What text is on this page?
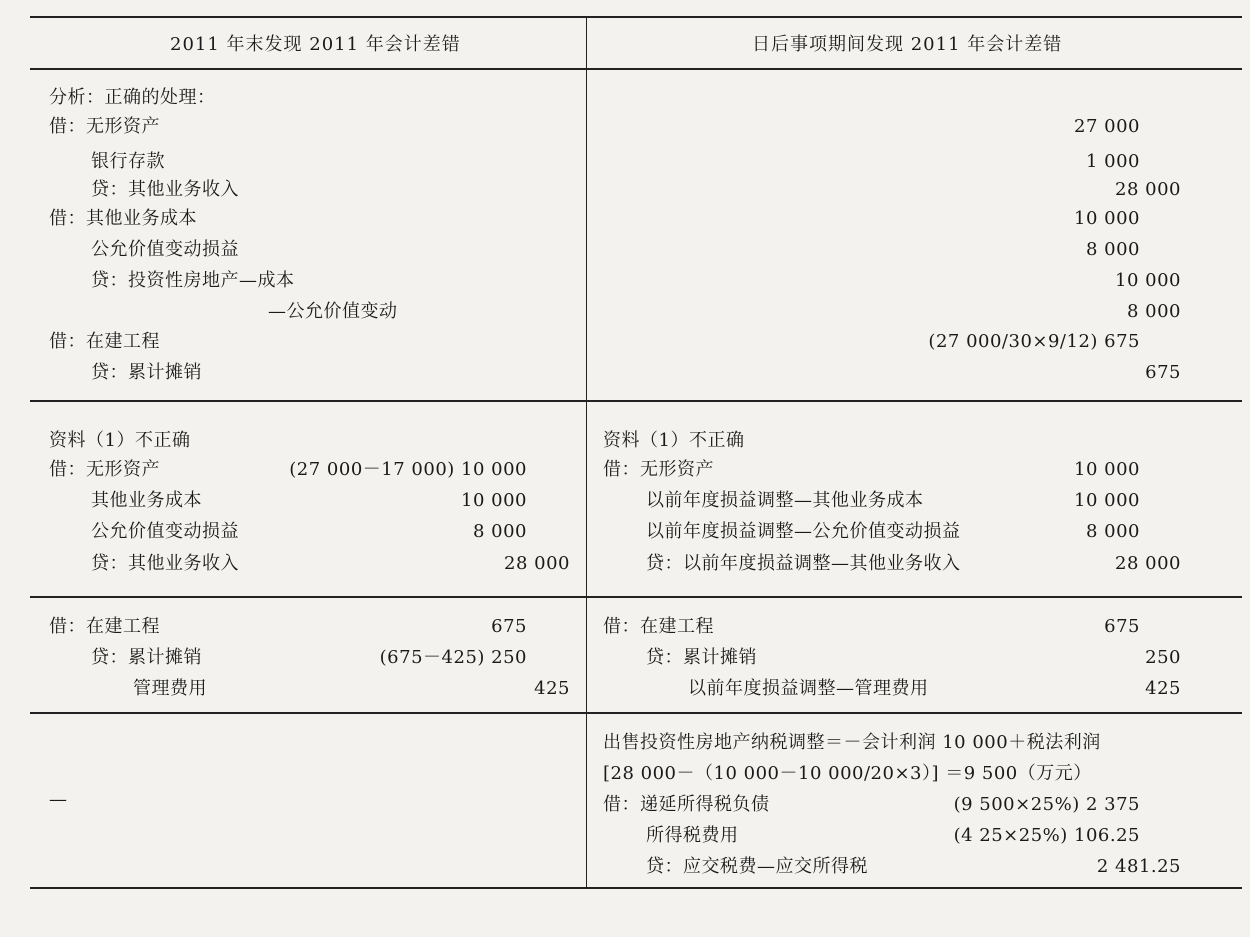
2011 年末发现 2011 年会计差错	日后事项期间发现 2011 年会计差错
分析：正确的处理：
借：无形资产
银行存款
贷：其他业务收入
借：其他业务成本
公允价值变动损益
贷：投资性房地产—成本
—公允价值变动
借：在建工程
贷：累计摊销
27 000
1 000
28 000
10 000
8 000
10 000
8 000
(27 000/30×9/12) 675
675
资料（1）不正确
借：无形资产
其他业务成本
公允价值变动损益
贷：其他业务收入
(27 000－17 000) 10 000
10 000
8 000
28 000
资料（1）不正确
借：无形资产
以前年度损益调整—其他业务成本
以前年度损益调整—公允价值变动损益
贷：以前年度损益调整—其他业务收入
10 000
10 000
8 000
28 000
借：在建工程
贷：累计摊销
管理费用
675
(675－425) 250
425
借：在建工程
贷：累计摊销
以前年度损益调整—管理费用
675
250
425
—
出售投资性房地产纳税调整＝－会计利润 10 000＋税法利润
[28 000－（10 000－10 000/20×3）] ＝9 500（万元）
借：递延所得税负债
所得税费用
贷：应交税费—应交所得税
(9 500×25%) 2 375
(4 25×25%) 106.25
2 481.25
